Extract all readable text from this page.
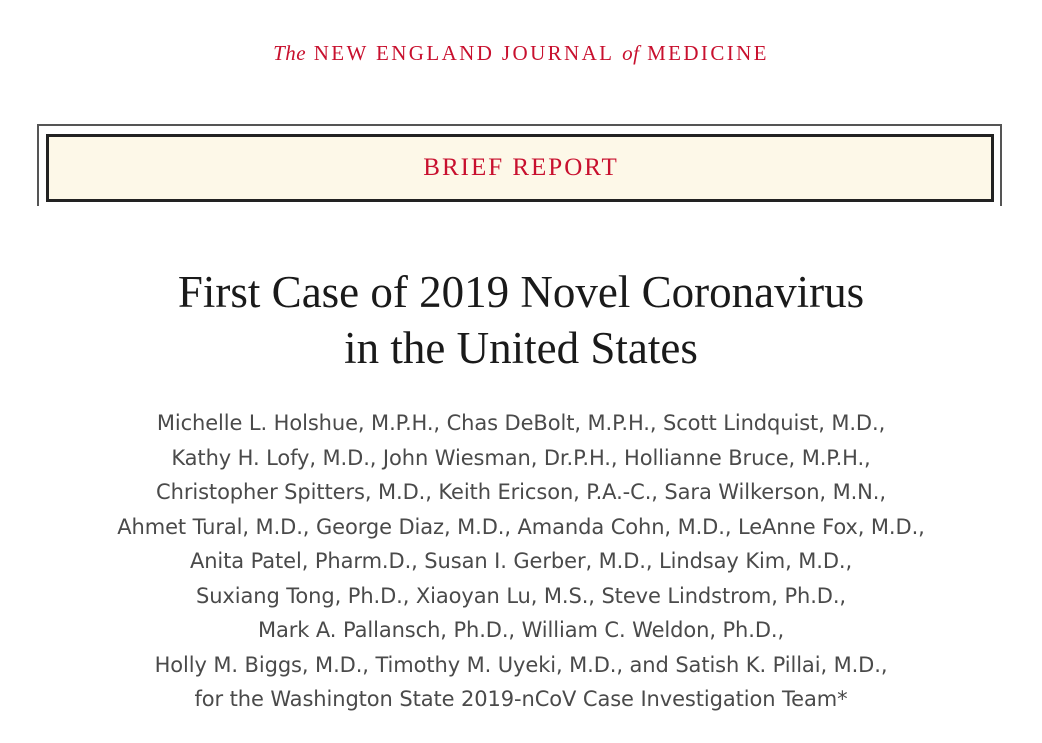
The NEW ENGLAND JOURNAL of MEDICINE
BRIEF REPORT
First Case of 2019 Novel Coronavirus
in the United States
Michelle L. Holshue, M.P.H., Chas DeBolt, M.P.H., Scott Lindquist, M.D.,
Kathy H. Lofy, M.D., John Wiesman, Dr.P.H., Hollianne Bruce, M.P.H.,
Christopher Spitters, M.D., Keith Ericson, P.A.-C., Sara Wilkerson, M.N.,
Ahmet Tural, M.D., George Diaz, M.D., Amanda Cohn, M.D., LeAnne Fox, M.D.,
Anita Patel, Pharm.D., Susan I. Gerber, M.D., Lindsay Kim, M.D.,
Suxiang Tong, Ph.D., Xiaoyan Lu, M.S., Steve Lindstrom, Ph.D.,
Mark A. Pallansch, Ph.D., William C. Weldon, Ph.D.,
Holly M. Biggs, M.D., Timothy M. Uyeki, M.D., and Satish K. Pillai, M.D.,
for the Washington State 2019-nCoV Case Investigation Team*
